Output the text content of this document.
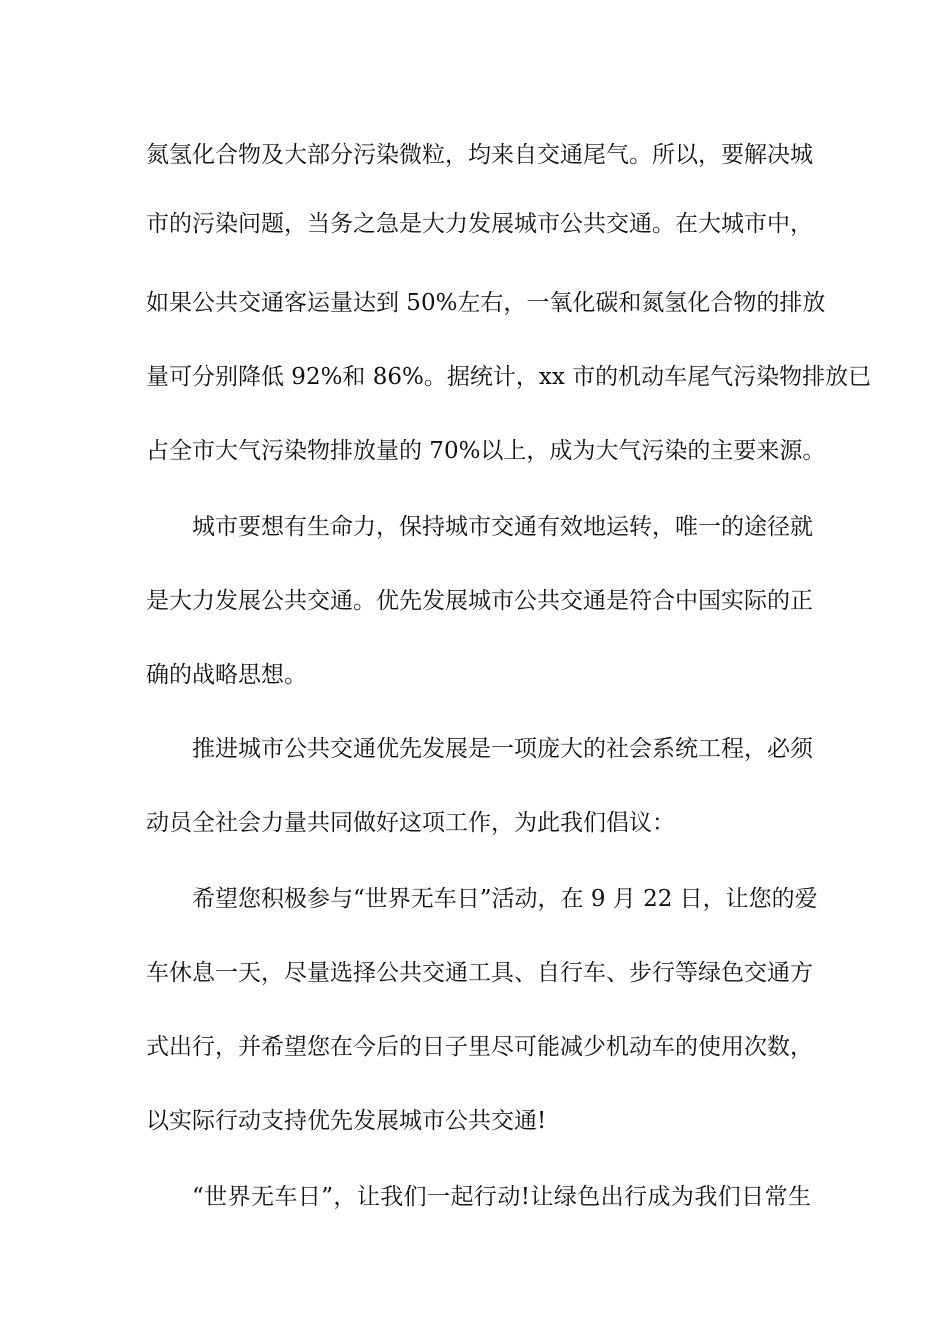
氮氢化合物及大部分污染微粒，均来自交通尾气。所以，要解决城
市的污染问题，当务之急是大力发展城市公共交通。在大城市中，
如果公共交通客运量达到 50%左右，一氧化碳和氮氢化合物的排放
量可分别降低 92%和 86%。据统计，xx 市的机动车尾气污染物排放已
占全市大气污染物排放量的 70%以上，成为大气污染的主要来源。
城市要想有生命力，保持城市交通有效地运转，唯一的途径就
是大力发展公共交通。优先发展城市公共交通是符合中国实际的正
确的战略思想。
推进城市公共交通优先发展是一项庞大的社会系统工程，必须
动员全社会力量共同做好这项工作，为此我们倡议：
希望您积极参与“世界无车日”活动，在 9 月 22 日，让您的爱
车休息一天，尽量选择公共交通工具、自行车、步行等绿色交通方
式出行，并希望您在今后的日子里尽可能减少机动车的使用次数，
以实际行动支持优先发展城市公共交通!
“世界无车日”，让我们一起行动!让绿色出行成为我们日常生
